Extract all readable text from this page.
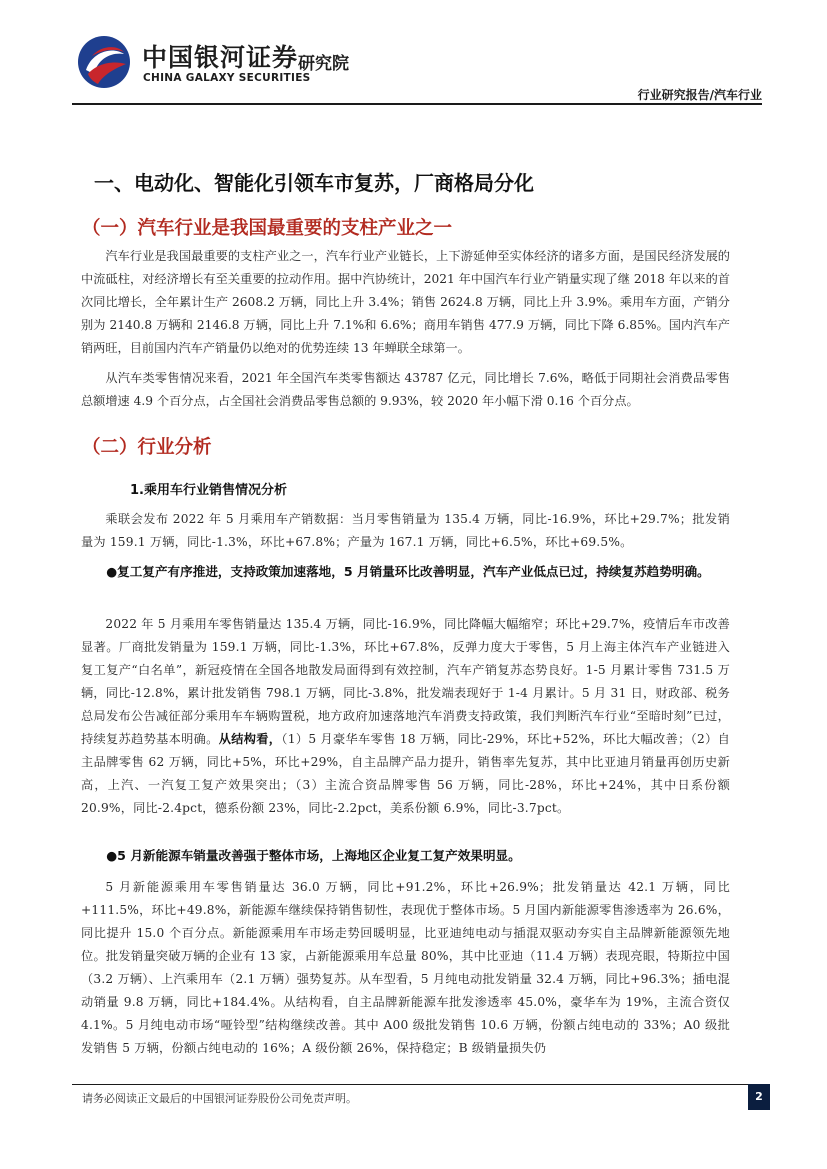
中国银河证券
CHINA GALAXY SECURITIES
研究院
行业研究报告/汽车行业
一、电动化、智能化引领车市复苏，厂商格局分化
（一）汽车行业是我国最重要的支柱产业之一

汽车行业是我国最重要的支柱产业之一，汽车行业产业链长，上下游延伸至实体经济的诸多方面，是国民经济发展的中流砥柱，对经济增长有至关重要的拉动作用。据中汽协统计，2021 年中国汽车行业产销量实现了继 2018 年以来的首次同比增长，全年累计生产 2608.2 万辆，同比上升 3.4%；销售 2624.8 万辆，同比上升 3.9%。乘用车方面，产销分别为 2140.8 万辆和 2146.8 万辆，同比上升 7.1%和 6.6%；商用车销售 477.9 万辆，同比下降 6.85%。国内汽车产销两旺，目前国内汽车产销量仍以绝对的优势连续 13 年蝉联全球第一。

从汽车类零售情况来看，2021 年全国汽车类零售额达 43787 亿元，同比增长 7.6%，略低于同期社会消费品零售总额增速 4.9 个百分点，占全国社会消费品零售总额的 9.93%，较 2020 年小幅下滑 0.16 个百分点。

（二）行业分析
1.乘用车行业销售情况分析

乘联会发布 2022 年 5 月乘用车产销数据：当月零售销量为 135.4 万辆，同比-16.9%，环比+29.7%；批发销量为 159.1 万辆，同比-1.3%，环比+67.8%；产量为 167.1 万辆，同比+6.5%，环比+69.5%。

●复工复产有序推进，支持政策加速落地，5 月销量环比改善明显，汽车产业低点已过，持续复苏趋势明确。

2022 年 5 月乘用车零售销量达 135.4 万辆，同比-16.9%，同比降幅大幅缩窄；环比+29.7%，疫情后车市改善显著。厂商批发销量为 159.1 万辆，同比-1.3%，环比+67.8%，反弹力度大于零售，5 月上海主体汽车产业链进入复工复产“白名单”，新冠疫情在全国各地散发局面得到有效控制，汽车产销复苏态势良好。1-5 月累计零售 731.5 万辆，同比-12.8%，累计批发销售 798.1 万辆，同比-3.8%，批发端表现好于 1-4 月累计。5 月 31 日，财政部、税务总局发布公告减征部分乘用车车辆购置税，地方政府加速落地汽车消费支持政策，我们判断汽车行业“至暗时刻”已过，持续复苏趋势基本明确。从结构看，（1）5 月豪华车零售 18 万辆，同比-29%，环比+52%，环比大幅改善；（2）自主品牌零售 62 万辆，同比+5%，环比+29%，自主品牌产品力提升，销售率先复苏，其中比亚迪月销量再创历史新高，上汽、一汽复工复产效果突出；（3）主流合资品牌零售 56 万辆，同比-28%，环比+24%，其中日系份额 20.9%，同比-2.4pct，德系份额 23%，同比-2.2pct，美系份额 6.9%，同比-3.7pct。

●5 月新能源车销量改善强于整体市场，上海地区企业复工复产效果明显。

5 月新能源乘用车零售销量达 36.0 万辆，同比+91.2%，环比+26.9%；批发销量达 42.1 万辆，同比+111.5%，环比+49.8%，新能源车继续保持销售韧性，表现优于整体市场。5 月国内新能源零售渗透率为 26.6%，同比提升 15.0 个百分点。新能源乘用车市场走势回暖明显，比亚迪纯电动与插混双驱动夯实自主品牌新能源领先地位。批发销量突破万辆的企业有 13 家，占新能源乘用车总量 80%，其中比亚迪（11.4 万辆）表现亮眼，特斯拉中国（3.2 万辆）、上汽乘用车（2.1 万辆）强势复苏。从车型看，5 月纯电动批发销量 32.4 万辆，同比+96.3%；插电混动销量 9.8 万辆，同比+184.4%。从结构看，自主品牌新能源车批发渗透率 45.0%，豪华车为 19%，主流合资仅 4.1%。5 月纯电动市场“哑铃型”结构继续改善。其中 A00 级批发销售 10.6 万辆，份额占纯电动的 33%；A0 级批发销售 5 万辆，份额占纯电动的 16%；A 级份额 26%，保持稳定；B 级销量损失仍

请务必阅读正文最后的中国银河证券股份公司免责声明。	2
